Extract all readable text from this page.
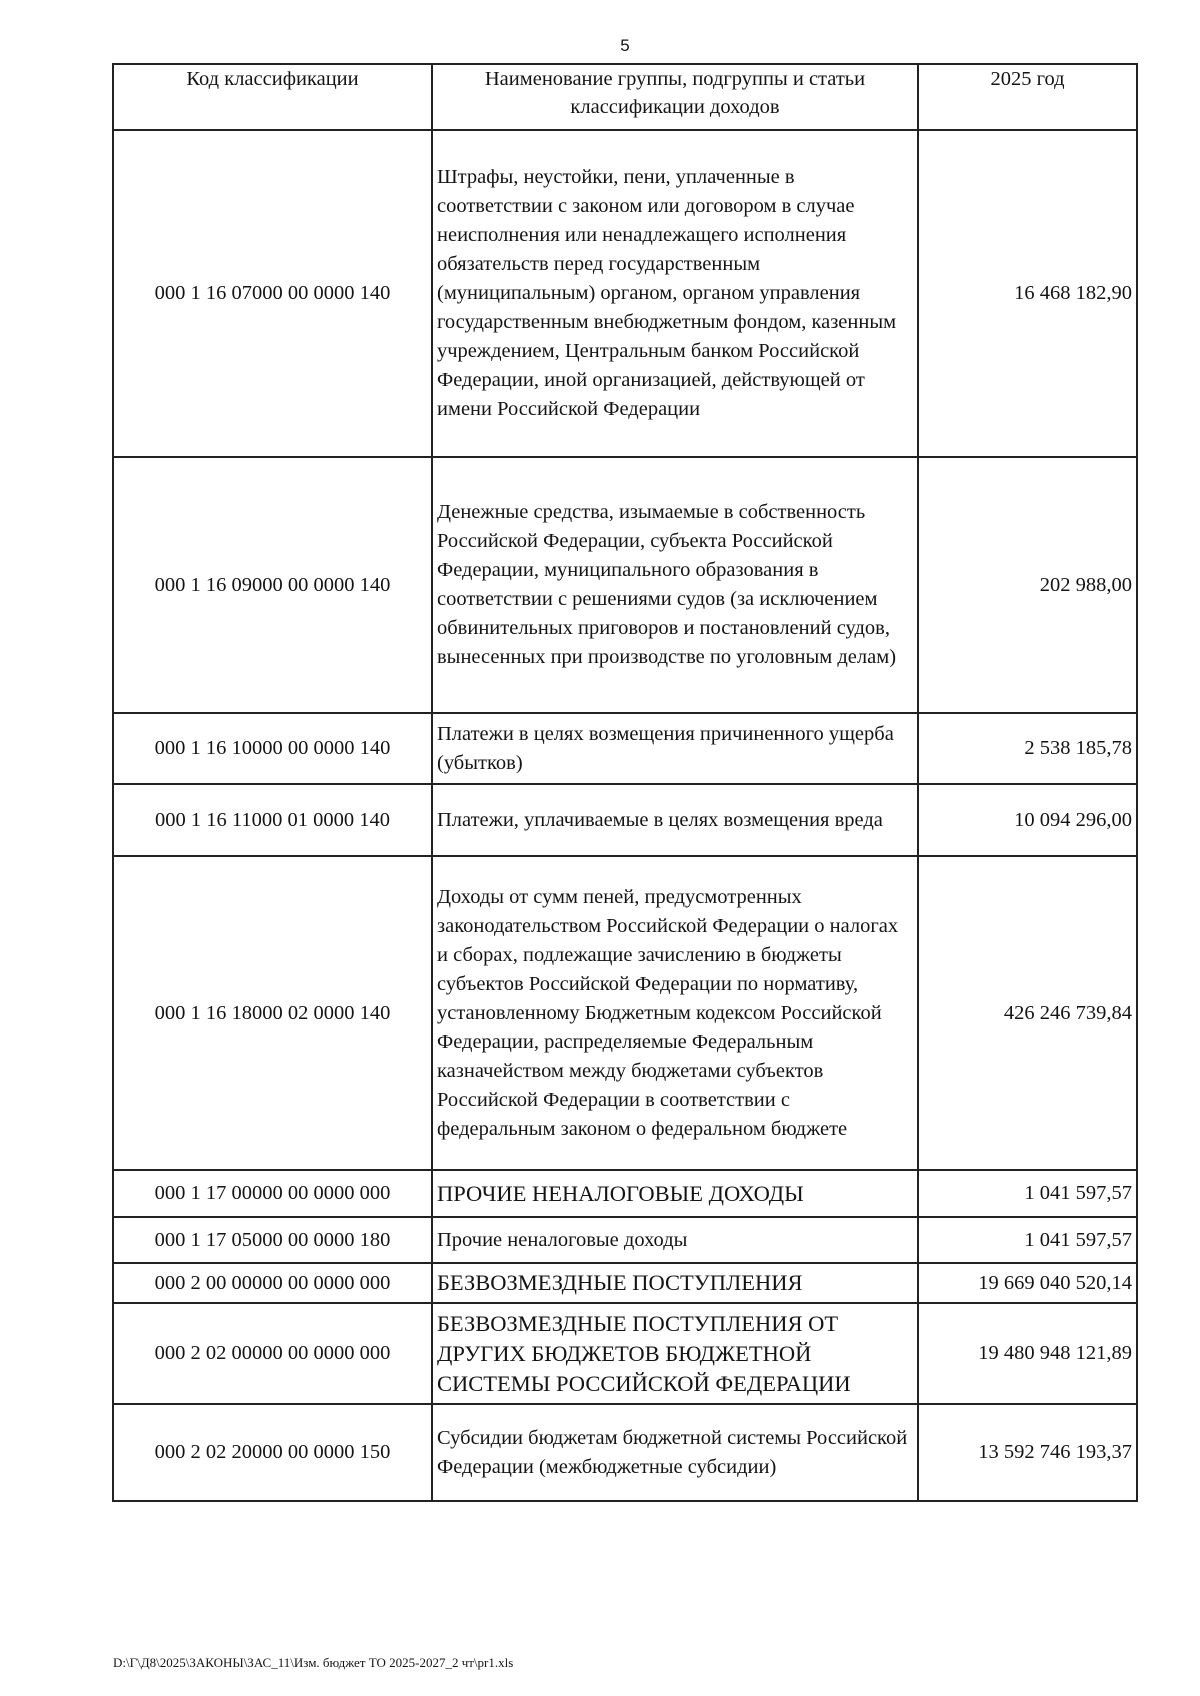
5
Код классификации	Наименование группы, подгруппы и статьи классификации доходов	2025 год
000 1 16 07000 00 0000 140	Штрафы, неустойки, пени, уплаченные в соответствии с законом или договором в случае неисполнения или ненадлежащего исполнения обязательств перед государственным (муниципальным) органом, органом управления государственным внебюджетным фондом, казенным учреждением, Центральным банком Российской Федерации, иной организацией, действующей от имени Российской Федерации	16 468 182,90
000 1 16 09000 00 0000 140	Денежные средства, изымаемые в собственность Российской Федерации, субъекта Российской Федерации, муниципального образования в соответствии с решениями судов (за исключением обвинительных приговоров и постановлений судов, вынесенных при производстве по уголовным делам)	202 988,00
000 1 16 10000 00 0000 140	Платежи в целях возмещения причиненного ущерба (убытков)	2 538 185,78
000 1 16 11000 01 0000 140	Платежи, уплачиваемые в целях возмещения вреда	10 094 296,00
000 1 16 18000 02 0000 140	Доходы от сумм пеней, предусмотренных законодательством Российской Федерации о налогах и сборах, подлежащие зачислению в бюджеты субъектов Российской Федерации по нормативу, установленному Бюджетным кодексом Российской Федерации, распределяемые Федеральным казначейством между бюджетами субъектов Российской Федерации в соответствии с федеральным законом о федеральном бюджете	426 246 739,84
000 1 17 00000 00 0000 000	ПРОЧИЕ НЕНАЛОГОВЫЕ ДОХОДЫ	1 041 597,57
000 1 17 05000 00 0000 180	Прочие неналоговые доходы	1 041 597,57
000 2 00 00000 00 0000 000	БЕЗВОЗМЕЗДНЫЕ ПОСТУПЛЕНИЯ	19 669 040 520,14
000 2 02 00000 00 0000 000	БЕЗВОЗМЕЗДНЫЕ ПОСТУПЛЕНИЯ ОТ ДРУГИХ БЮДЖЕТОВ БЮДЖЕТНОЙ СИСТЕМЫ РОССИЙСКОЙ ФЕДЕРАЦИИ	19 480 948 121,89
000 2 02 20000 00 0000 150	Субсидии бюджетам бюджетной системы Российской Федерации (межбюджетные субсидии)	13 592 746 193,37
D:\Г\Д8\2025\ЗАКОНЫ\ЗАС_11\Изм. бюджет ТО 2025-2027_2 чт\pr1.xls
